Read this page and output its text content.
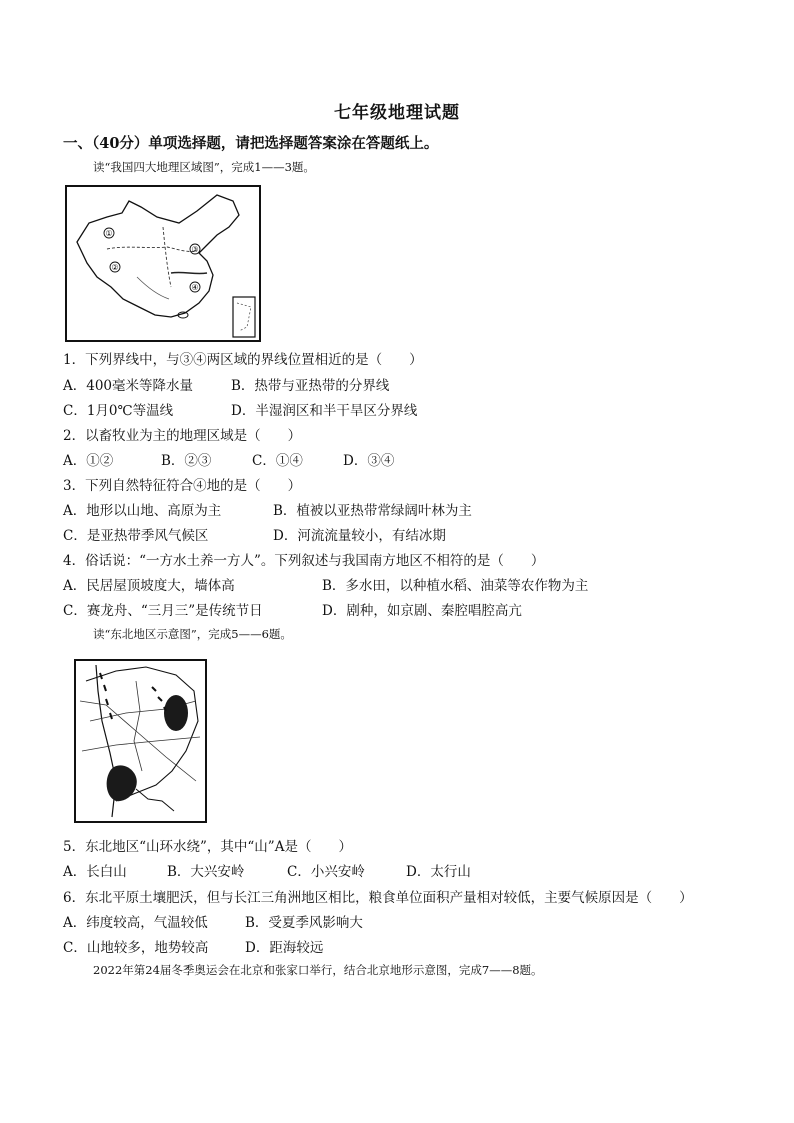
七年级地理试题
一、（40分）单项选择题，请把选择题答案涂在答题纸上。
读“我国四大地理区域图”，完成1——3题。
①
②
③
④
1．下列界线中，与③④两区域的界线位置相近的是（　　）
A．400毫米等降水量	B．热带与亚热带的分界线
C．1月0℃等温线	D．半湿润区和半干旱区分界线
2．以畜牧业为主的地理区域是（　　）
A．①②	B．②③	C．①④	D．③④
3．下列自然特征符合④地的是（　　）
A．地形以山地、高原为主	B．植被以亚热带常绿阔叶林为主
C．是亚热带季风气候区	D．河流流量较小，有结冰期
4．俗话说：“一方水土养一方人”。下列叙述与我国南方地区不相符的是（　　）
A．民居屋顶坡度大，墙体高	B．多水田，以种植水稻、油菜等农作物为主
C．赛龙舟、“三月三”是传统节日	D．剧种，如京剧、秦腔唱腔高亢
读“东北地区示意图”，完成5——6题。
5．东北地区“山环水绕”，其中“山”A是（　　）
A．长白山	B．大兴安岭	C．小兴安岭	D．太行山
6．东北平原土壤肥沃，但与长江三角洲地区相比，粮食单位面积产量相对较低，主要气候原因是（　　）
A．纬度较高，气温较低	B．受夏季风影响大
C．山地较多，地势较高	D．距海较远
2022年第24届冬季奥运会在北京和张家口举行，结合北京地形示意图，完成7——8题。
